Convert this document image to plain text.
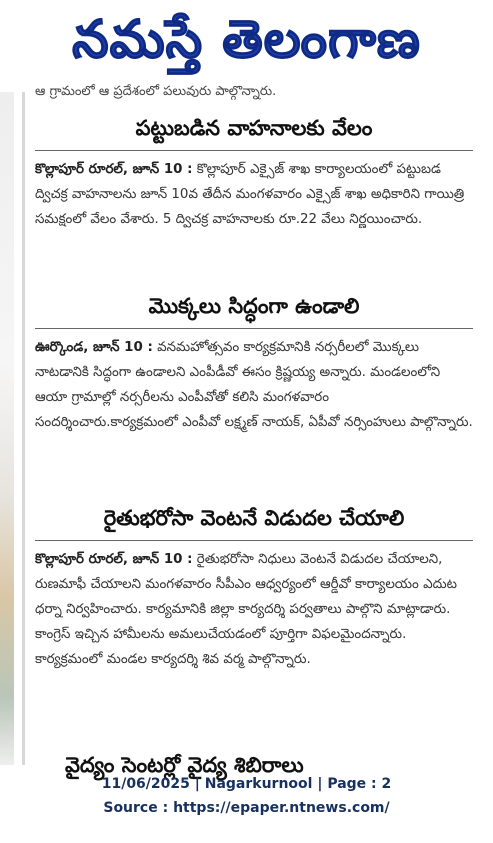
నమస్తే తెలంగాణ
ఆ గ్రామంలో ఆ ప్రదేశంలో పలువురు పాల్గొన్నారు.
పట్టుబడిన వాహనాలకు వేలం
కొల్లాపూర్ రూరల్, జూన్ 10 : కొల్లాపూర్ ఎక్సైజ్ శాఖ కార్యాలయంలో పట్టుబడ ద్విచక్ర వాహనాలను జూన్ 10వ తేదీన మంగళవారం ఎక్సైజ్ శాఖ అధికారిని గాయిత్రి సమక్షంలో వేలం వేశారు. 5 ద్విచక్ర వాహనాలకు రూ.22 వేలు నిర్ణయించారు.
మొక్కలు సిద్ధంగా ఉండాలి
ఊర్కొండ, జూన్ 10 : వనమహోత్సవం కార్యక్రమానికి నర్సరీలలో మొక్కలు నాటడానికి సిద్ధంగా ఉండాలని ఎంపీడీవో ఈసం క్రిష్ణయ్య అన్నారు. మండలంలోని ఆయా గ్రామాల్లో నర్సరీలను ఎంపీవోతో కలిసి మంగళవారం సందర్శించారు.కార్యక్రమంలో ఎంపీవో లక్ష్మణ్ నాయక్, ఏపీవో నర్సింహులు పాల్గొన్నారు.
రైతుభరోసా వెంటనే విడుదల చేయాలి
కొల్లాపూర్ రూరల్, జూన్ 10 : రైతుభరోసా నిధులు వెంటనే విడుదల చేయాలని, రుణమాఫీ చేయాలని మంగళవారం సీపీఎం ఆధ్వర్యంలో ఆర్డీవో కార్యాలయం ఎదుట ధర్నా నిర్వహించారు. కార్యమానికి జిల్లా కార్యదర్శి పర్వతాలు పాల్గొని మాట్లాడారు. కాంగ్రెస్ ఇచ్చిన హామీలను అమలుచేయడంలో పూర్తిగా విఫలమైందన్నారు. కార్యక్రమంలో మండల కార్యదర్శి శివ వర్మ పాల్గొన్నారు.
వైద్యం సెంటర్లో వైద్య శిబిరాలు
11/06/2025 | Nagarkurnool | Page : 2
Source : https://epaper.ntnews.com/
